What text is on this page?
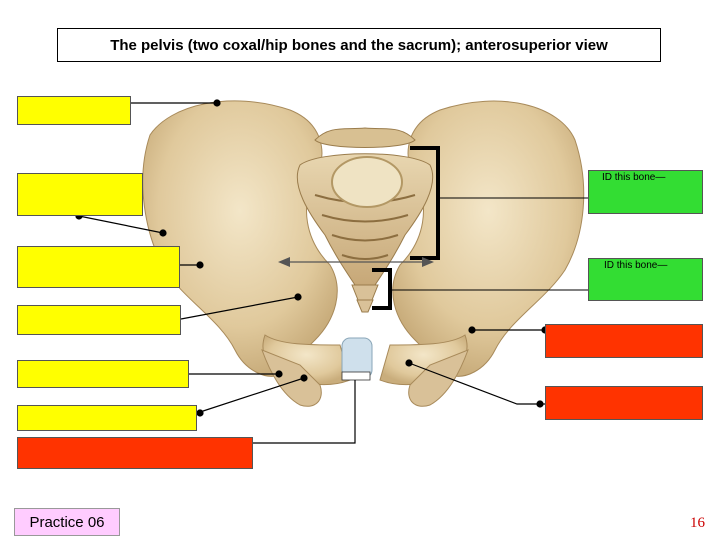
The pelvis (two coxal/hip bones and the sacrum); anterosuperior view
ID this bone—
ID this bone—
Practice 06	16
